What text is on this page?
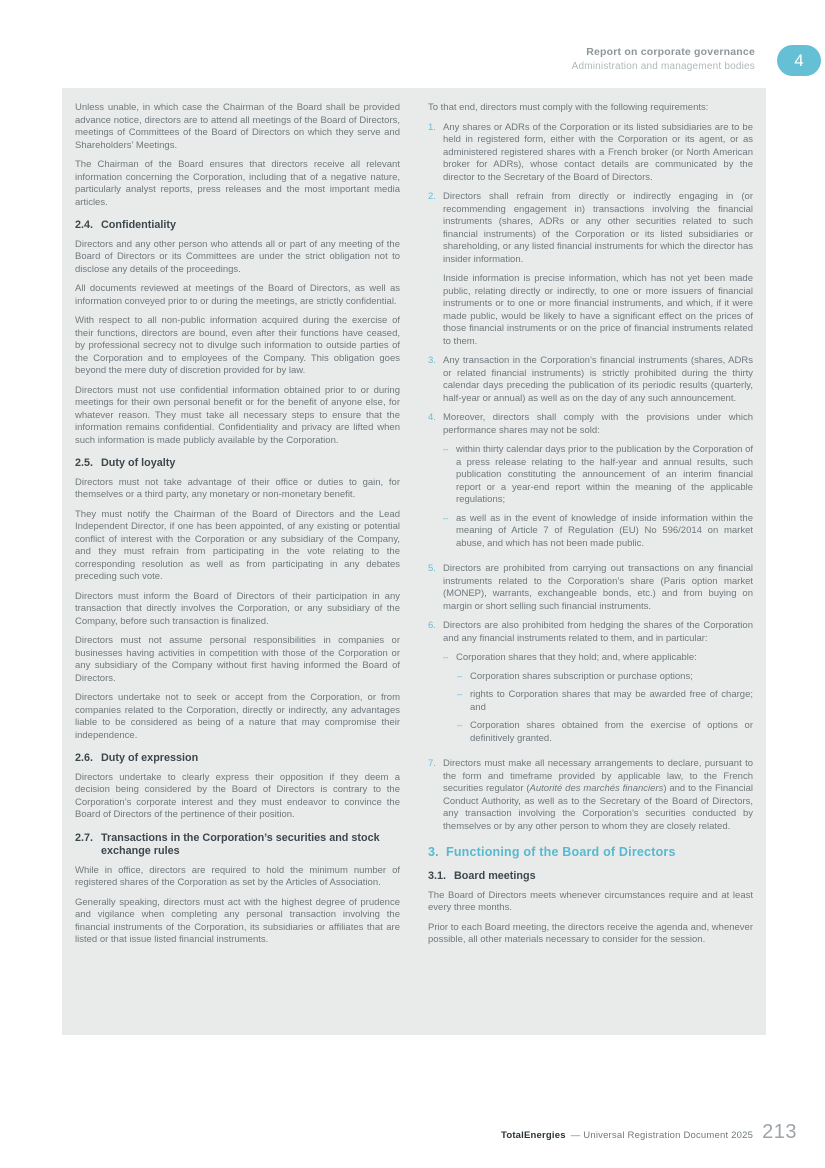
Report on corporate governance
Administration and management bodies	4

Unless unable, in which case the Chairman of the Board shall be provided advance notice, directors are to attend all meetings of the Board of Directors, meetings of Committees of the Board of Directors on which they serve and Shareholders’ Meetings.

The Chairman of the Board ensures that directors receive all relevant information concerning the Corporation, including that of a negative nature, particularly analyst reports, press releases and the most important media articles.

2.4. Confidentiality

Directors and any other person who attends all or part of any meeting of the Board of Directors or its Committees are under the strict obligation not to disclose any details of the proceedings.

All documents reviewed at meetings of the Board of Directors, as well as information conveyed prior to or during the meetings, are strictly confidential.

With respect to all non-public information acquired during the exercise of their functions, directors are bound, even after their functions have ceased, by professional secrecy not to divulge such information to outside parties of the Corporation and to employees of the Company. This obligation goes beyond the mere duty of discretion provided for by law.

Directors must not use confidential information obtained prior to or during meetings for their own personal benefit or for the benefit of anyone else, for whatever reason. They must take all necessary steps to ensure that the information remains confidential. Confidentiality and privacy are lifted when such information is made publicly available by the Corporation.

2.5. Duty of loyalty

Directors must not take advantage of their office or duties to gain, for themselves or a third party, any monetary or non-monetary benefit.

They must notify the Chairman of the Board of Directors and the Lead Independent Director, if one has been appointed, of any existing or potential conflict of interest with the Corporation or any subsidiary of the Company, and they must refrain from participating in the vote relating to the corresponding resolution as well as from participating in any debates preceding such vote.

Directors must inform the Board of Directors of their participation in any transaction that directly involves the Corporation, or any subsidiary of the Company, before such transaction is finalized.

Directors must not assume personal responsibilities in companies or businesses having activities in competition with those of the Corporation or any subsidiary of the Company without first having informed the Board of Directors.

Directors undertake not to seek or accept from the Corporation, or from companies related to the Corporation, directly or indirectly, any advantages liable to be considered as being of a nature that may compromise their independence.

2.6. Duty of expression

Directors undertake to clearly express their opposition if they deem a decision being considered by the Board of Directors is contrary to the Corporation’s corporate interest and they must endeavor to convince the Board of Directors of the pertinence of their position.

2.7. Transactions in the Corporation’s securities and stock exchange rules

While in office, directors are required to hold the minimum number of registered shares of the Corporation as set by the Articles of Association.

Generally speaking, directors must act with the highest degree of prudence and vigilance when completing any personal transaction involving the financial instruments of the Corporation, its subsidiaries or affiliates that are listed or that issue listed financial instruments.

To that end, directors must comply with the following requirements:

1. Any shares or ADRs of the Corporation or its listed subsidiaries are to be held in registered form, either with the Corporation or its agent, or as administered registered shares with a French broker (or North American broker for ADRs), whose contact details are communicated by the director to the Secretary of the Board of Directors.

2. Directors shall refrain from directly or indirectly engaging in (or recommending engagement in) transactions involving the financial instruments (shares, ADRs or any other securities related to such financial instruments) of the Corporation or its listed subsidiaries or shareholding, or any listed financial instruments for which the director has insider information.

Inside information is precise information, which has not yet been made public, relating directly or indirectly, to one or more issuers of financial instruments or to one or more financial instruments, and which, if it were made public, would be likely to have a significant effect on the prices of those financial instruments or on the price of financial instruments related to them.

3. Any transaction in the Corporation’s financial instruments (shares, ADRs or related financial instruments) is strictly prohibited during the thirty calendar days preceding the publication of its periodic results (quarterly, half-year or annual) as well as on the day of any such announcement.

4. Moreover, directors shall comply with the provisions under which performance shares may not be sold:

– within thirty calendar days prior to the publication by the Corporation of a press release relating to the half-year and annual results, such publication constituting the announcement of an interim financial report or a year-end report within the meaning of the applicable regulations;

– as well as in the event of knowledge of inside information within the meaning of Article 7 of Regulation (EU) No 596/2014 on market abuse, and which has not been made public.

5. Directors are prohibited from carrying out transactions on any financial instruments related to the Corporation’s share (Paris option market (MONEP), warrants, exchangeable bonds, etc.) and from buying on margin or short selling such financial instruments.

6. Directors are also prohibited from hedging the shares of the Corporation and any financial instruments related to them, and in particular:

– Corporation shares that they hold; and, where applicable:

– Corporation shares subscription or purchase options;

– rights to Corporation shares that may be awarded free of charge; and

– Corporation shares obtained from the exercise of options or definitively granted.

7. Directors must make all necessary arrangements to declare, pursuant to the form and timeframe provided by applicable law, to the French securities regulator (Autorité des marchés financiers) and to the Financial Conduct Authority, as well as to the Secretary of the Board of Directors, any transaction involving the Corporation’s securities conducted by themselves or by any other person to whom they are closely related.

3. Functioning of the Board of Directors
3.1. Board meetings

The Board of Directors meets whenever circumstances require and at least every three months.

Prior to each Board meeting, the directors receive the agenda and, whenever possible, all other materials necessary to consider for the session.

TotalEnergies — Universal Registration Document 2025 213
